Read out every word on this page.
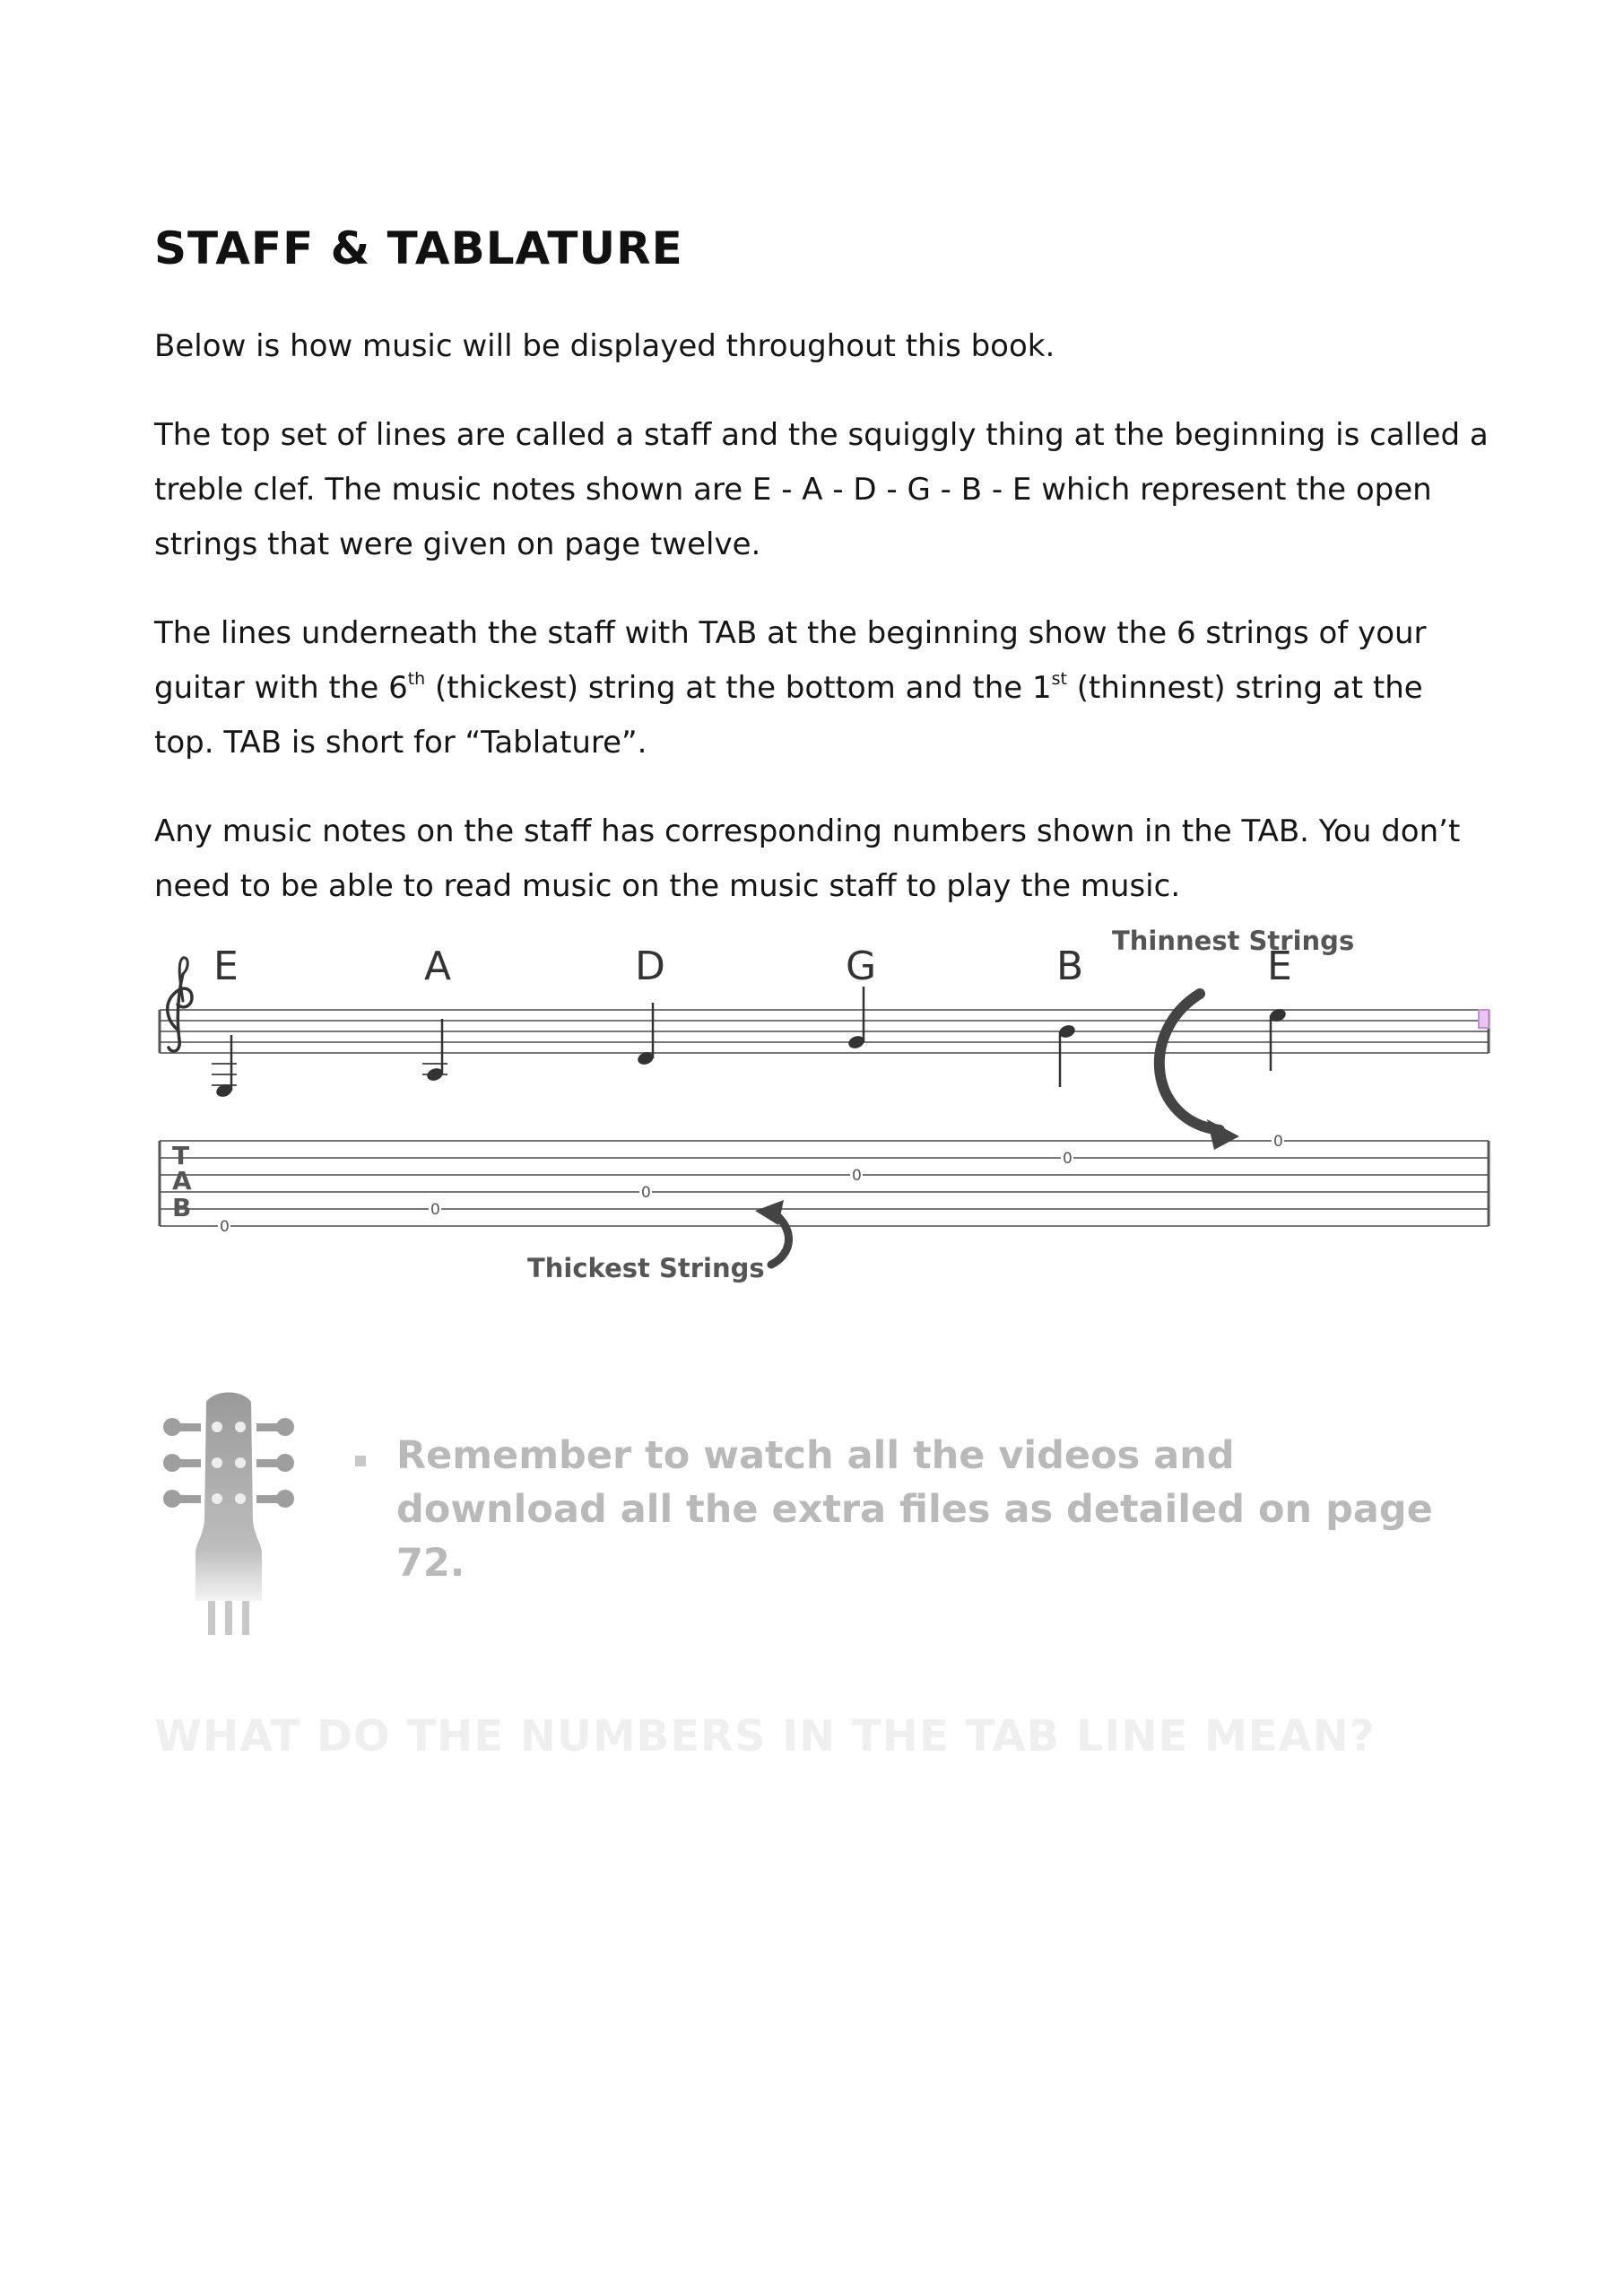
STAFF & TABLATURE

Below is how music will be displayed throughout this book.

The top set of lines are called a staff and the squiggly thing at the beginning is called a treble clef. The music notes shown are E - A - D - G - B - E which represent the open strings that were given on page twelve.

The lines underneath the staff with TAB at the beginning show the 6 strings of your guitar with the 6th (thickest) string at the bottom and the 1st (thinnest) string at the top. TAB is short for “Tablature”.

Any music notes on the staff has corresponding numbers shown in the TAB. You don’t need to be able to read music on the music staff to play the music.

Thinnest Strings
Thickest Strings
T
A
B
E
0
A
0
D
0
G
0
B
0
E
0

Remember to watch all the videos and download all the extra files as detailed on page 72.

WHAT DO THE NUMBERS IN THE TAB LINE MEAN?
